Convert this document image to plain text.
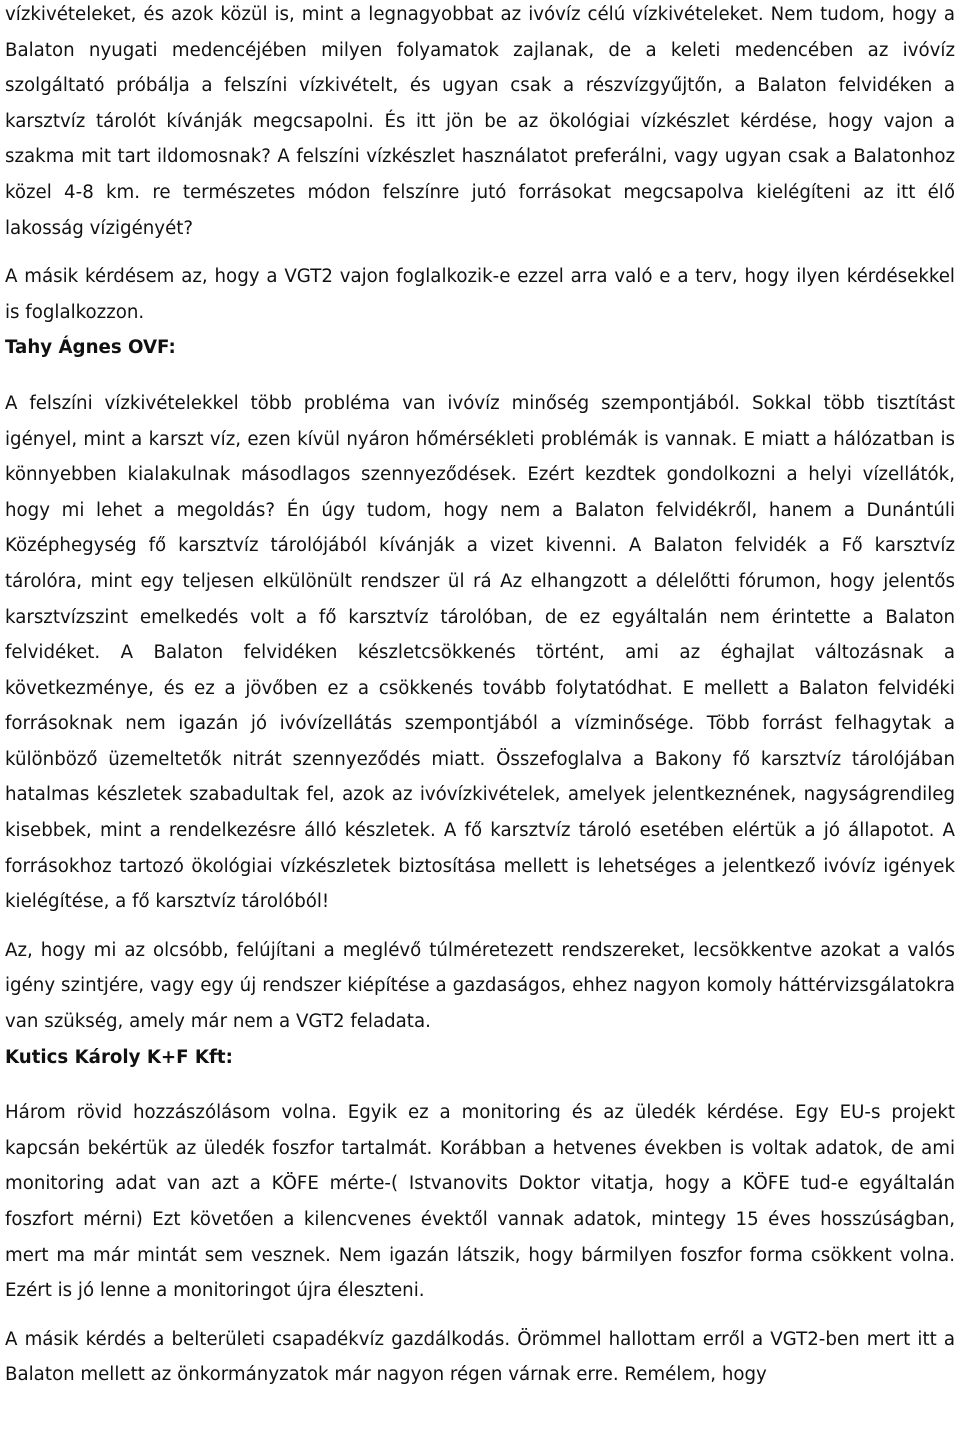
vízkivételeket, és azok közül is, mint a legnagyobbat az ivóvíz célú vízkivételeket. Nem tudom, hogy a Balaton nyugati medencéjében milyen folyamatok zajlanak, de a keleti medencében az ivóvíz szolgáltató próbálja a felszíni vízkivételt, és ugyan csak a részvízgyűjtőn, a Balaton felvidéken a karsztvíz tárolót kívánják megcsapolni. És itt jön be az ökológiai vízkészlet kérdése, hogy vajon a szakma mit tart ildomosnak? A felszíni vízkészlet használatot preferálni, vagy ugyan csak a Balatonhoz közel 4-8 km. re természetes módon felszínre jutó forrásokat megcsapolva kielégíteni az itt élő lakosság vízigényét?

A másik kérdésem az, hogy a VGT2 vajon foglalkozik-e ezzel arra való e a terv, hogy ilyen kérdésekkel is foglalkozzon.

Tahy Ágnes OVF:

A felszíni vízkivételekkel több probléma van ivóvíz minőség szempontjából. Sokkal több tisztítást igényel, mint a karszt víz, ezen kívül nyáron hőmérsékleti problémák is vannak. E miatt a hálózatban is könnyebben kialakulnak másodlagos szennyeződések. Ezért kezdtek gondolkozni a helyi vízellátók, hogy mi lehet a megoldás? Én úgy tudom, hogy nem a Balaton felvidékről, hanem a Dunántúli Középhegység fő karsztvíz tárolójából kívánják a vizet kivenni. A Balaton felvidék a Fő karsztvíz tárolóra, mint egy teljesen elkülönült rendszer ül rá Az elhangzott a délelőtti fórumon, hogy jelentős karsztvízszint emelkedés volt a fő karsztvíz tárolóban, de ez egyáltalán nem érintette a Balaton felvidéket. A Balaton felvidéken készletcsökkenés történt, ami az éghajlat változásnak a következménye, és ez a jövőben ez a csökkenés tovább folytatódhat. E mellett a Balaton felvidéki forrásoknak nem igazán jó ivóvízellátás szempontjából a vízminősége. Több forrást felhagytak a különböző üzemeltetők nitrát szennyeződés miatt. Összefoglalva a Bakony fő karsztvíz tárolójában hatalmas készletek szabadultak fel, azok az ivóvízkivételek, amelyek jelentkeznének, nagyságrendileg kisebbek, mint a rendelkezésre álló készletek. A fő karsztvíz tároló esetében elértük a jó állapotot. A forrásokhoz tartozó ökológiai vízkészletek biztosítása mellett is lehetséges a jelentkező ivóvíz igények kielégítése, a fő karsztvíz tárolóból!

Az, hogy mi az olcsóbb, felújítani a meglévő túlméretezett rendszereket, lecsökkentve azokat a valós igény szintjére, vagy egy új rendszer kiépítése a gazdaságos, ehhez nagyon komoly háttérvizsgálatokra van szükség, amely már nem a VGT2 feladata.

Kutics Károly K+F Kft:

Három rövid hozzászólásom volna. Egyik ez a monitoring és az üledék kérdése. Egy EU-s projekt kapcsán bekértük az üledék foszfor tartalmát. Korábban a hetvenes években is voltak adatok, de ami monitoring adat van azt a KÖFE mérte-( Istvanovits Doktor vitatja, hogy a KÖFE tud-e egyáltalán foszfort mérni) Ezt követően a kilencvenes évektől vannak adatok, mintegy 15 éves hosszúságban, mert ma már mintát sem vesznek. Nem igazán látszik, hogy bármilyen foszfor forma csökkent volna. Ezért is jó lenne a monitoringot újra éleszteni.

A másik kérdés a belterületi csapadékvíz gazdálkodás. Örömmel hallottam erről a VGT2-ben mert itt a Balaton mellett az önkormányzatok már nagyon régen várnak erre. Remélem, hogy
